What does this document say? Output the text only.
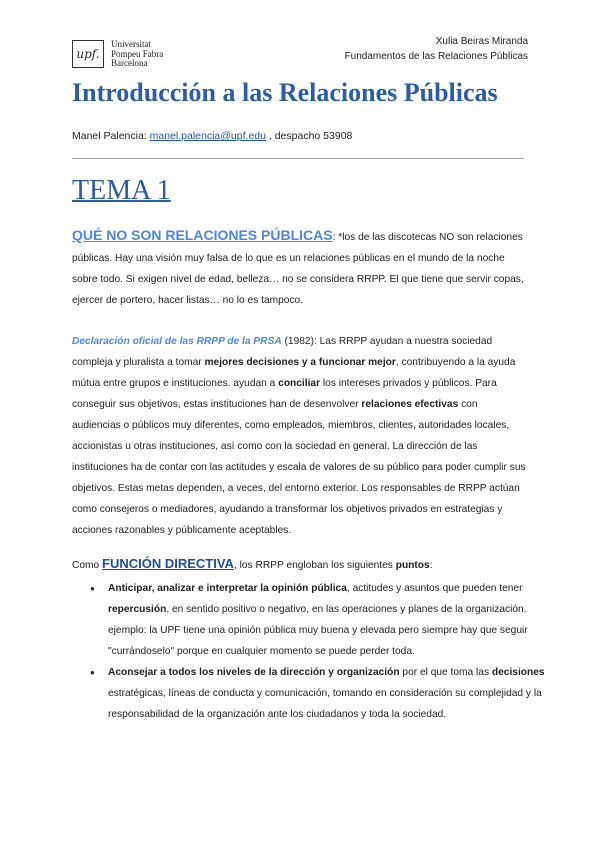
Xulia Beiras Miranda
Fundamentos de las Relaciones Públicas
upf.
Universitat
Pompeu Fabra
Barcelona
Introducción a las Relaciones Públicas
Manel Palencia: manel.palencia@upf.edu , despacho 53908
TEMA 1
QUÉ NO SON RELACIONES PÚBLICAS: *los de las discotecas NO son relaciones públicas. Hay una visión muy falsa de lo que es un relaciones públicas en el mundo de la noche sobre todo. Si exigen nivel de edad, belleza… no se considera RRPP. El que tiene que servir copas, ejercer de portero, hacer listas… no lo es tampoco.
Declaración oficial de las RRPP de la PRSA (1982): Las RRPP ayudan a nuestra sociedad compleja y pluralista a tomar mejores decisiones y a funcionar mejor, contribuyendo a la ayuda mútua entre grupos e instituciones. ayudan a conciliar los intereses privados y públicos. Para conseguir sus objetivos, estas instituciones han de desenvolver relaciones efectivas con audiencias o públicos muy diferentes, como empleados, miembros, clientes, autoridades locales, accionistas u otras instituciones, así como con la sociedad en general. La dirección de las instituciones ha de contar con las actitudes y escala de valores de su público para poder cumplir sus objetivos. Estas metas dependen, a veces, del entorno exterior. Los responsables de RRPP actúan como consejeros o mediadores, ayudando a transformar los objetivos privados en estrategias y acciones razonables y públicamente aceptables.
Como FUNCIÓN DIRECTIVA, los RRPP engloban los siguientes puntos:
● Anticipar, analizar e interpretar la opinión pública, actitudes y asuntos que pueden tener repercusión, en sentido positivo o negativo, en las operaciones y planes de la organización. ejemplo: la UPF tiene una opinión pública muy buena y elevada pero siempre hay que seguir "currándoselo" porque en cualquier momento se puede perder toda.
● Aconsejar a todos los niveles de la dirección y organización por el que toma las decisiones estratégicas, líneas de conducta y comunicación, tomando en consideración su complejidad y la responsabilidad de la organización ante los ciudadanos y toda la sociedad.
